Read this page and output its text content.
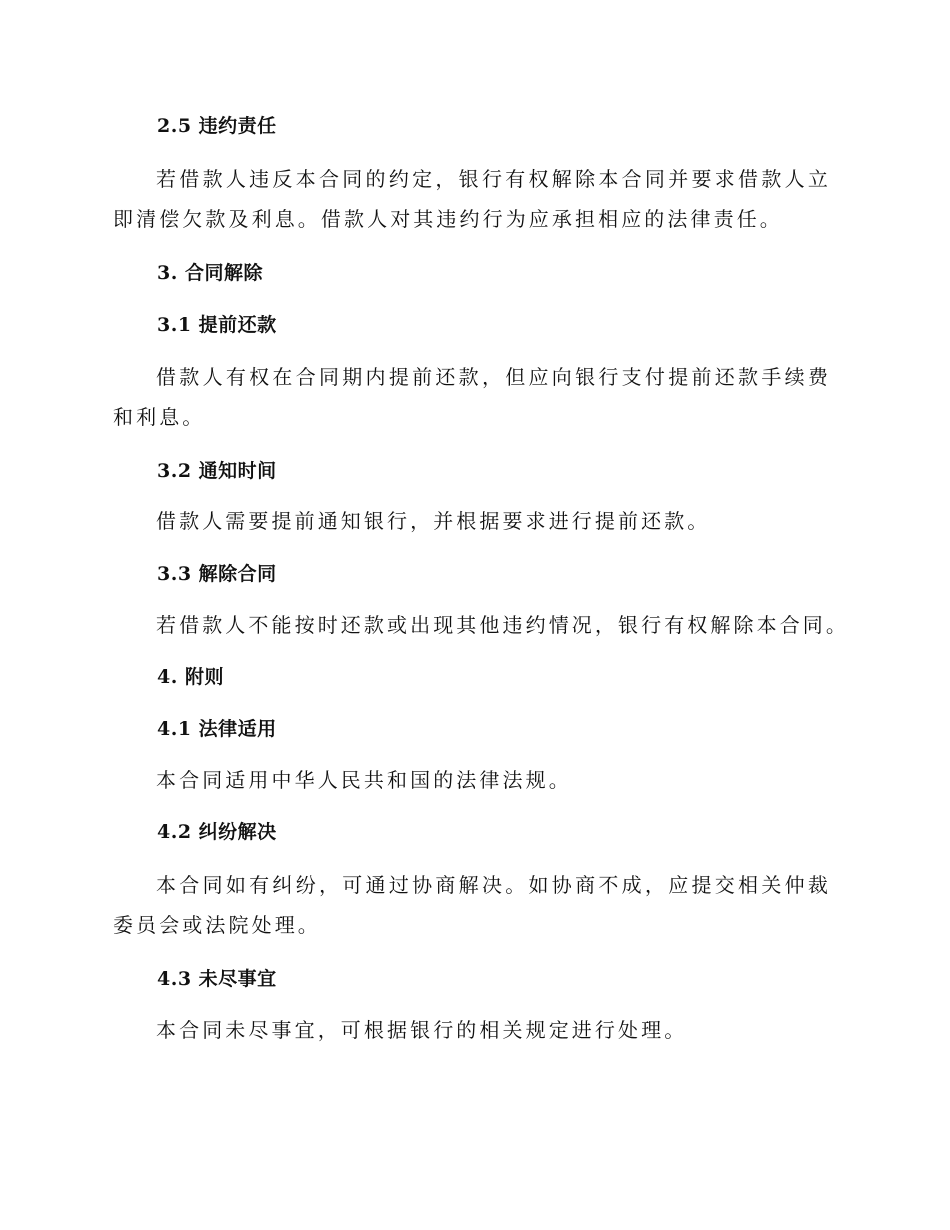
2.5 违约责任
若借款人违反本合同的约定，银行有权解除本合同并要求借款人立即清偿欠款及利息。借款人对其违约行为应承担相应的法律责任。
3. 合同解除
3.1 提前还款
借款人有权在合同期内提前还款，但应向银行支付提前还款手续费和利息。
3.2 通知时间
借款人需要提前通知银行，并根据要求进行提前还款。
3.3 解除合同
若借款人不能按时还款或出现其他违约情况，银行有权解除本合同。
4. 附则
4.1 法律适用
本合同适用中华人民共和国的法律法规。
4.2 纠纷解决
本合同如有纠纷，可通过协商解决。如协商不成，应提交相关仲裁委员会或法院处理。
4.3 未尽事宜
本合同未尽事宜，可根据银行的相关规定进行处理。
